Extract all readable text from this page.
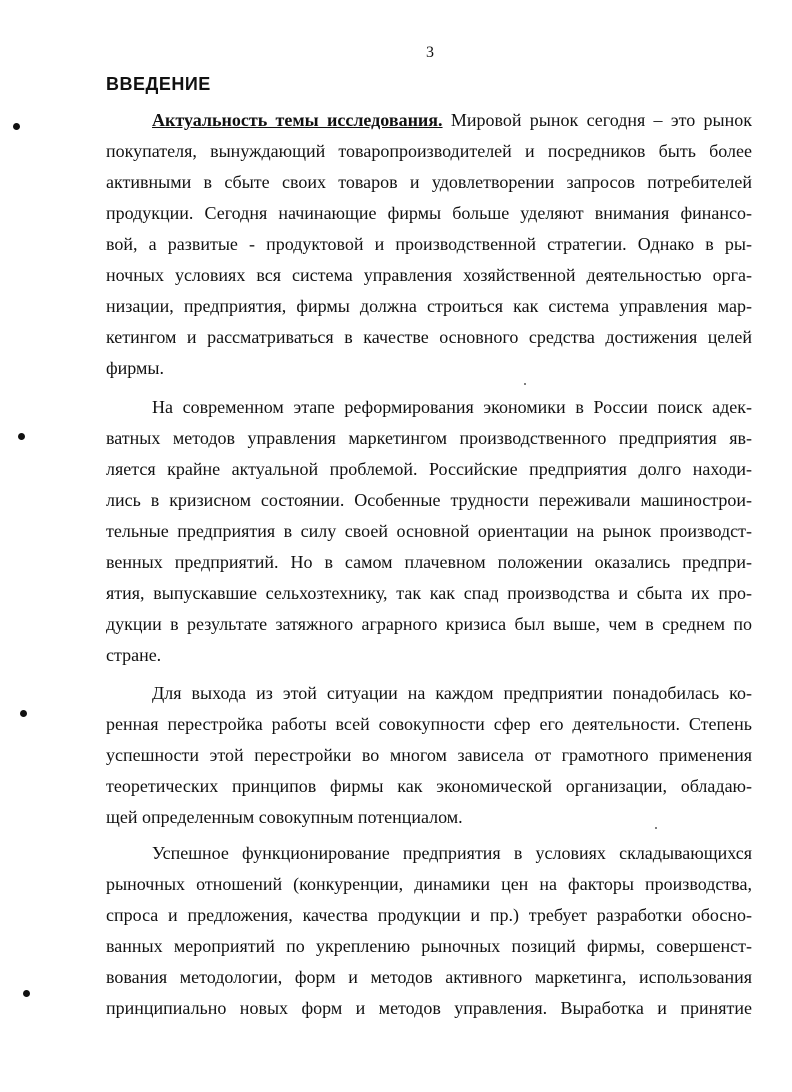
3
ВВЕДЕНИЕ
Актуальность темы исследования. Мировой рынок сегодня – это рынок
покупателя, вынуждающий товаропроизводителей и посредников быть более
активными в сбыте своих товаров и удовлетворении запросов потребителей
продукции. Сегодня начинающие фирмы больше уделяют внимания финансо-
вой, а развитые - продуктовой и производственной стратегии. Однако в ры-
ночных условиях вся система управления хозяйственной деятельностью орга-
низации, предприятия, фирмы должна строиться как система управления мар-
кетингом и рассматриваться в качестве основного средства достижения целей
фирмы.
На современном этапе реформирования экономики в России поиск адек-
ватных методов управления маркетингом производственного предприятия яв-
ляется крайне актуальной проблемой. Российские предприятия долго находи-
лись в кризисном состоянии. Особенные трудности переживали машинострои-
тельные предприятия в силу своей основной ориентации на рынок производст-
венных предприятий. Но в самом плачевном положении оказались предпри-
ятия, выпускавшие сельхозтехнику, так как спад производства и сбыта их про-
дукции в результате затяжного аграрного кризиса был выше, чем в среднем по
стране.
Для выхода из этой ситуации на каждом предприятии понадобилась ко-
ренная перестройка работы всей совокупности сфер его деятельности. Степень
успешности этой перестройки во многом зависела от грамотного применения
теоретических принципов фирмы как экономической организации, обладаю-
щей определенным совокупным потенциалом.
Успешное функционирование предприятия в условиях складывающихся
рыночных отношений (конкуренции, динамики цен на факторы производства,
спроса и предложения, качества продукции и пр.) требует разработки обосно-
ванных мероприятий по укреплению рыночных позиций фирмы, совершенст-
вования методологии, форм и методов активного маркетинга, использования
принципиально новых форм и методов управления. Выработка и принятие
